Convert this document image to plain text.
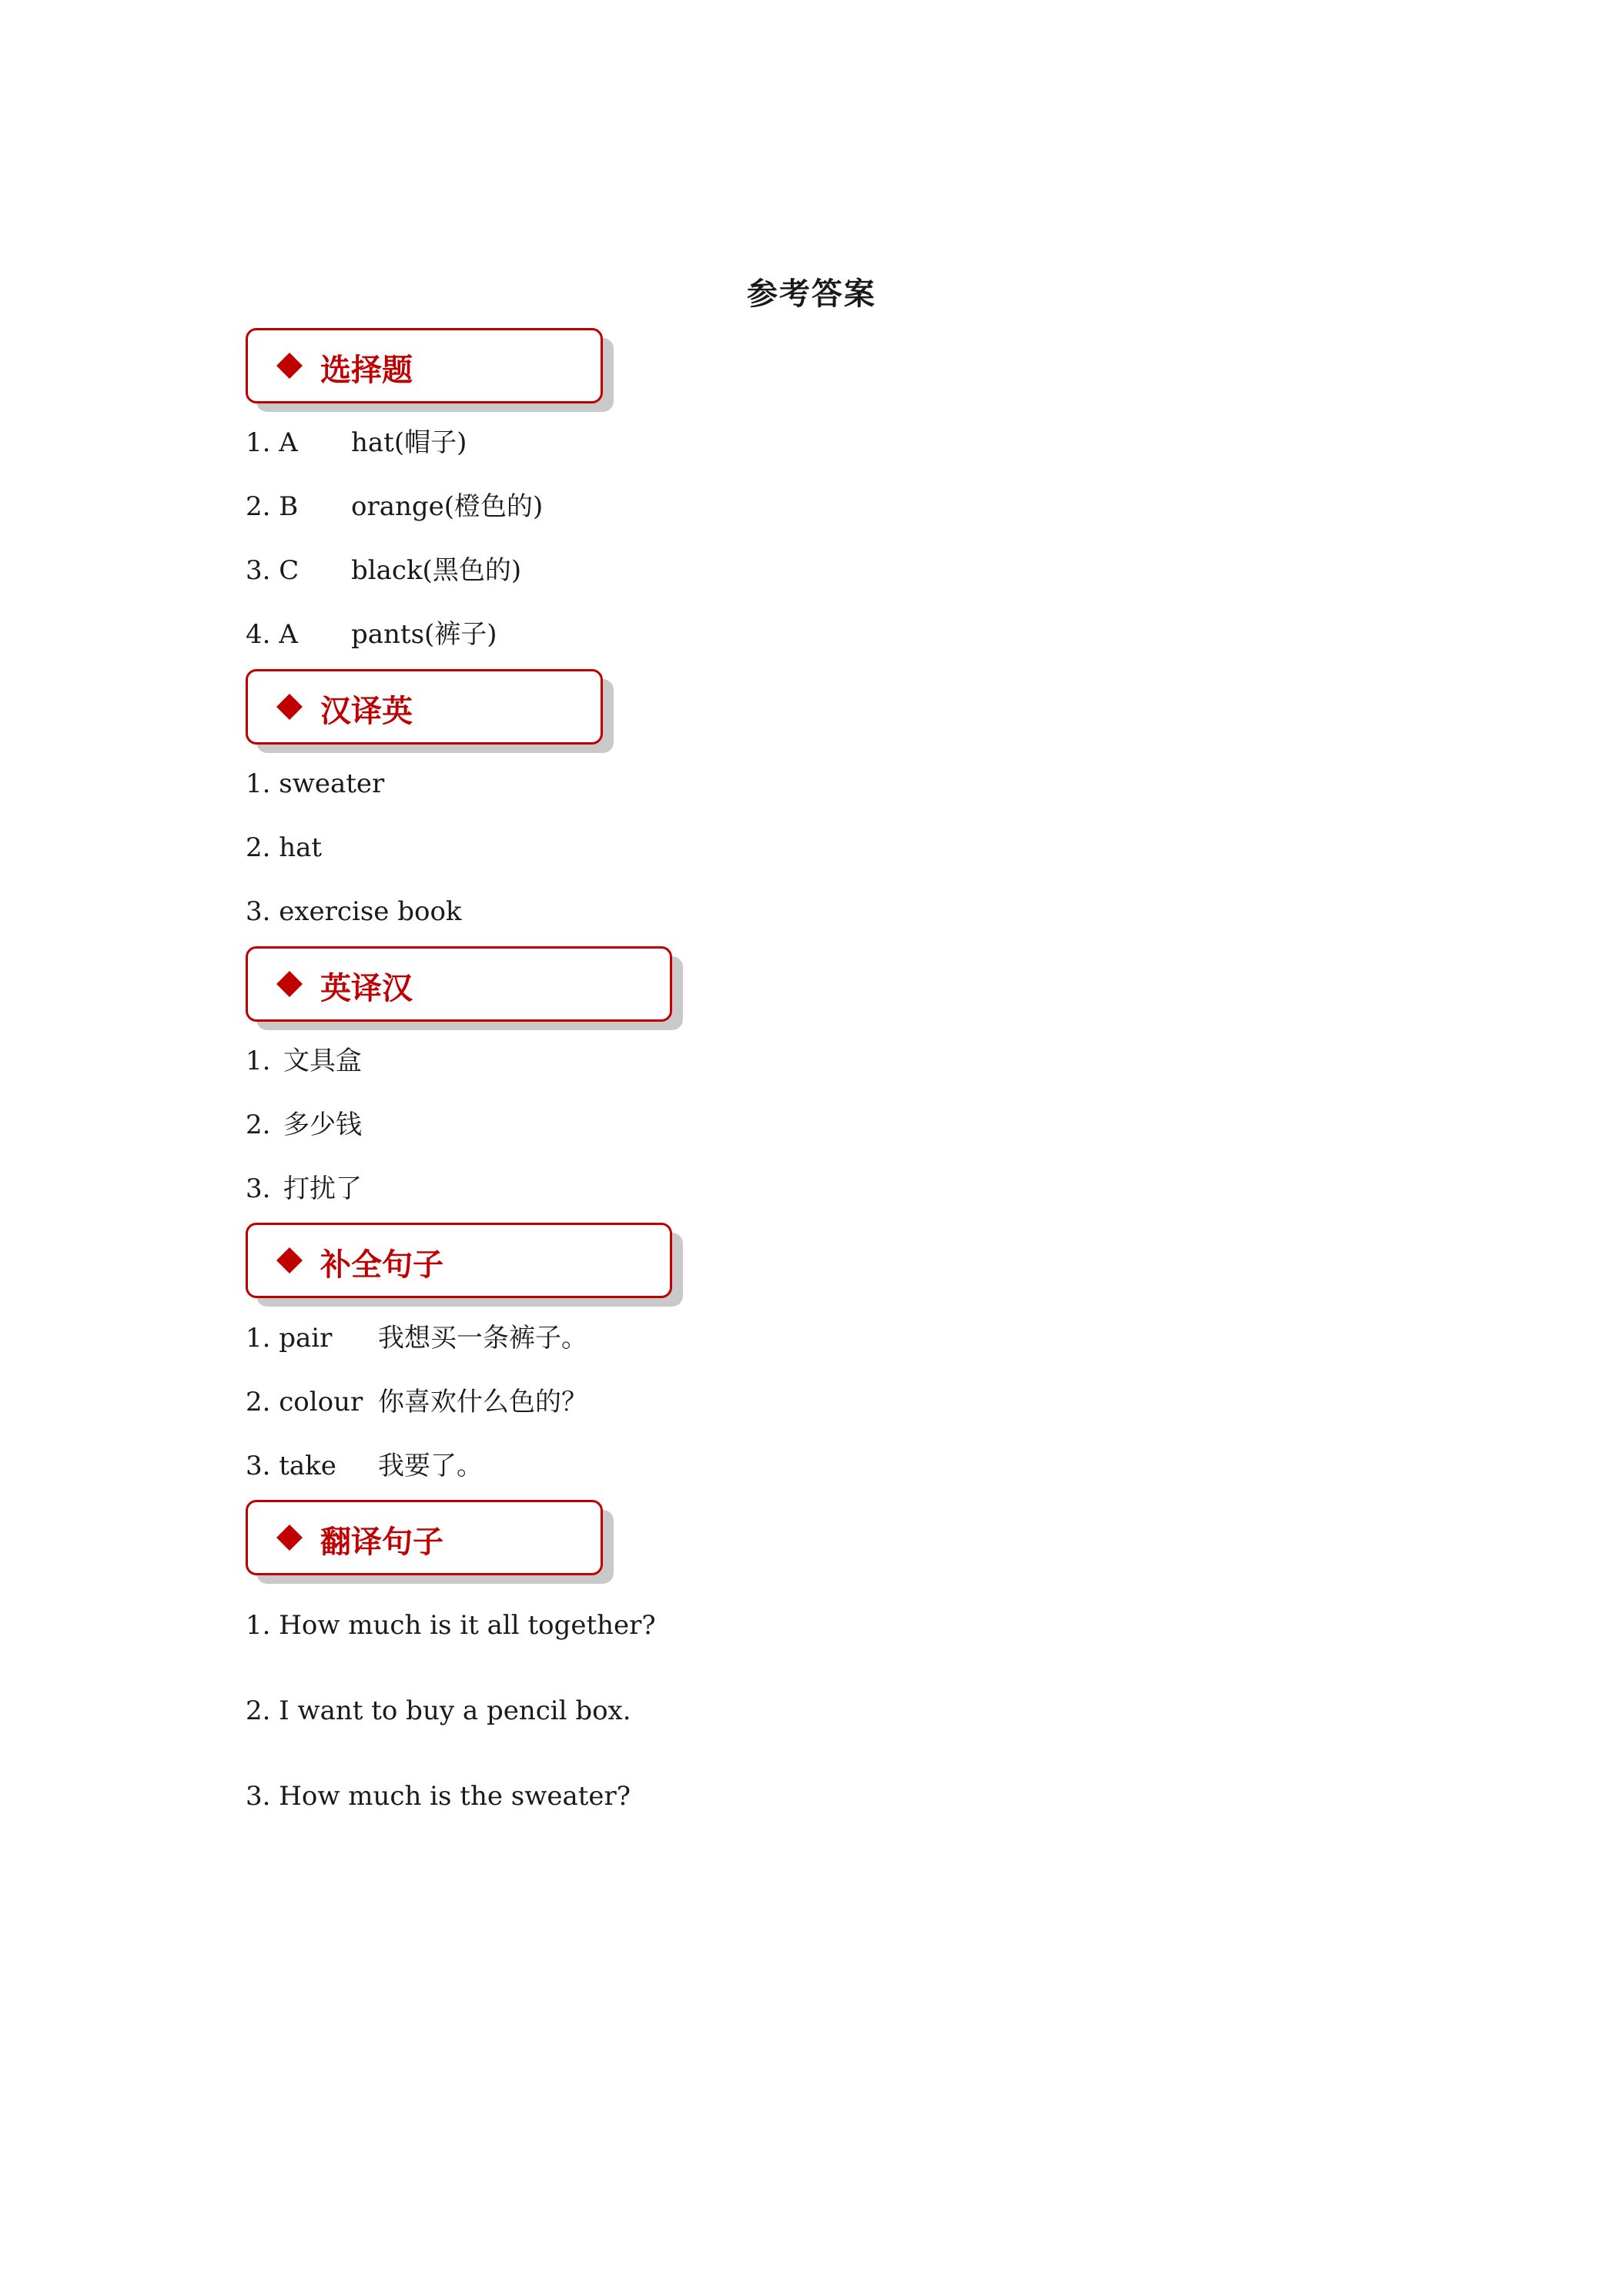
参考答案
选择题
1. A hat(帽子)
2. B orange(橙色的)
3. C black(黑色的)
4. A pants(裤子)
汉译英
1. sweater
2. hat
3. exercise book
英译汉
1. 文具盒
2. 多少钱
3. 打扰了
补全句子
1. pair 我想买一条裤子。
2. colour 你喜欢什么色的？
3. take 我要了。
翻译句子
1. How much is it all together?
2. I want to buy a pencil box.
3. How much is the sweater?
